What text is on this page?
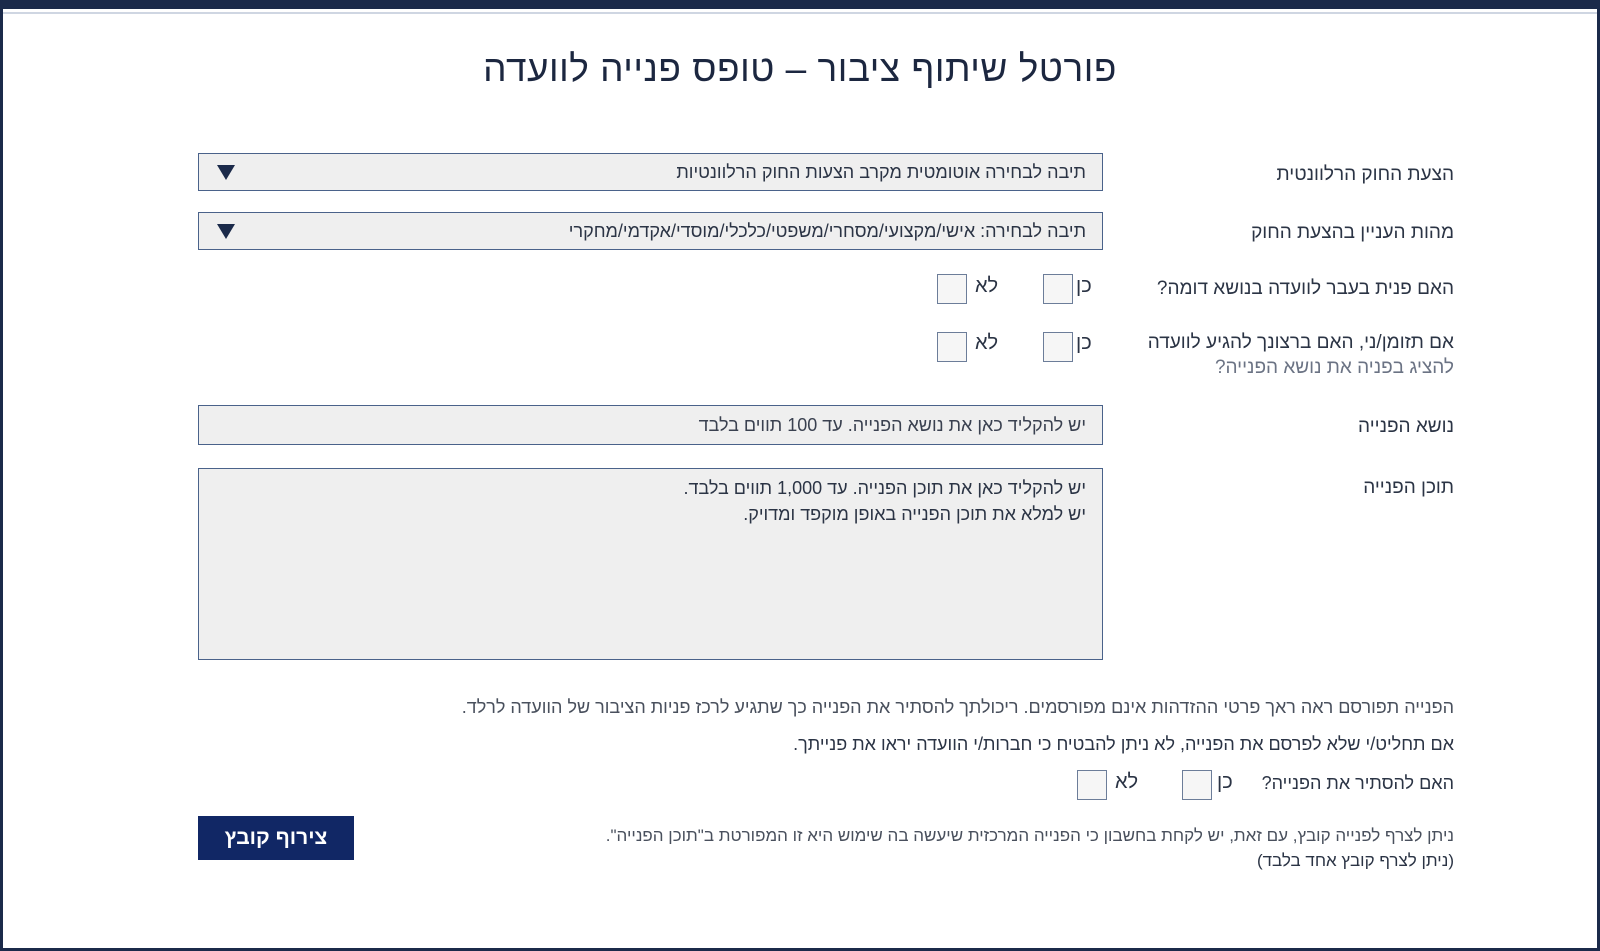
פורטל שיתוף ציבור – טופס פנייה לוועדה
הצעת החוק הרלוונטית
תיבה לבחירה אוטומטית מקרב הצעות החוק הרלוונטיות
מהות העניין בהצעת החוק
תיבה לבחירה: אישי/מקצועי/מסחרי/משפטי/כלכלי/מוסדי/אקדמי/מחקרי
האם פנית בעבר לוועדה בנושא דומה?
כן
לא
אם תזומן/ני, האם ברצונך להגיע לוועדה
להציג בפניה את נושא הפנייה?
כן
לא
נושא הפנייה
יש להקליד כאן את נושא הפנייה. עד 100 תווים בלבד
תוכן הפנייה
יש להקליד כאן את תוכן הפנייה. עד 1,000 תווים בלבד.
יש למלא את תוכן הפנייה באופן מוקפד ומדויק.
הפנייה תפורסם ראה ראך פרטי ההזדהות אינם מפורסמים. ריכולתך להסתיר את הפנייה כך שתגיע לרכז פניות הציבור של הוועדה לרלד.
אם תחליט/י שלא לפרסם את הפנייה, לא ניתן להבטיח כי חברות/י הוועדה יראו את פנייתך.
האם להסתיר את הפנייה?
כן
לא
ניתן לצרף לפנייה קובץ, עם זאת, יש לקחת בחשבון כי הפנייה המרכזית שיעשה בה שימוש היא זו המפורטת ב"תוכן הפנייה".
(ניתן לצרף קובץ אחד בלבד)
צירוף קובץ
